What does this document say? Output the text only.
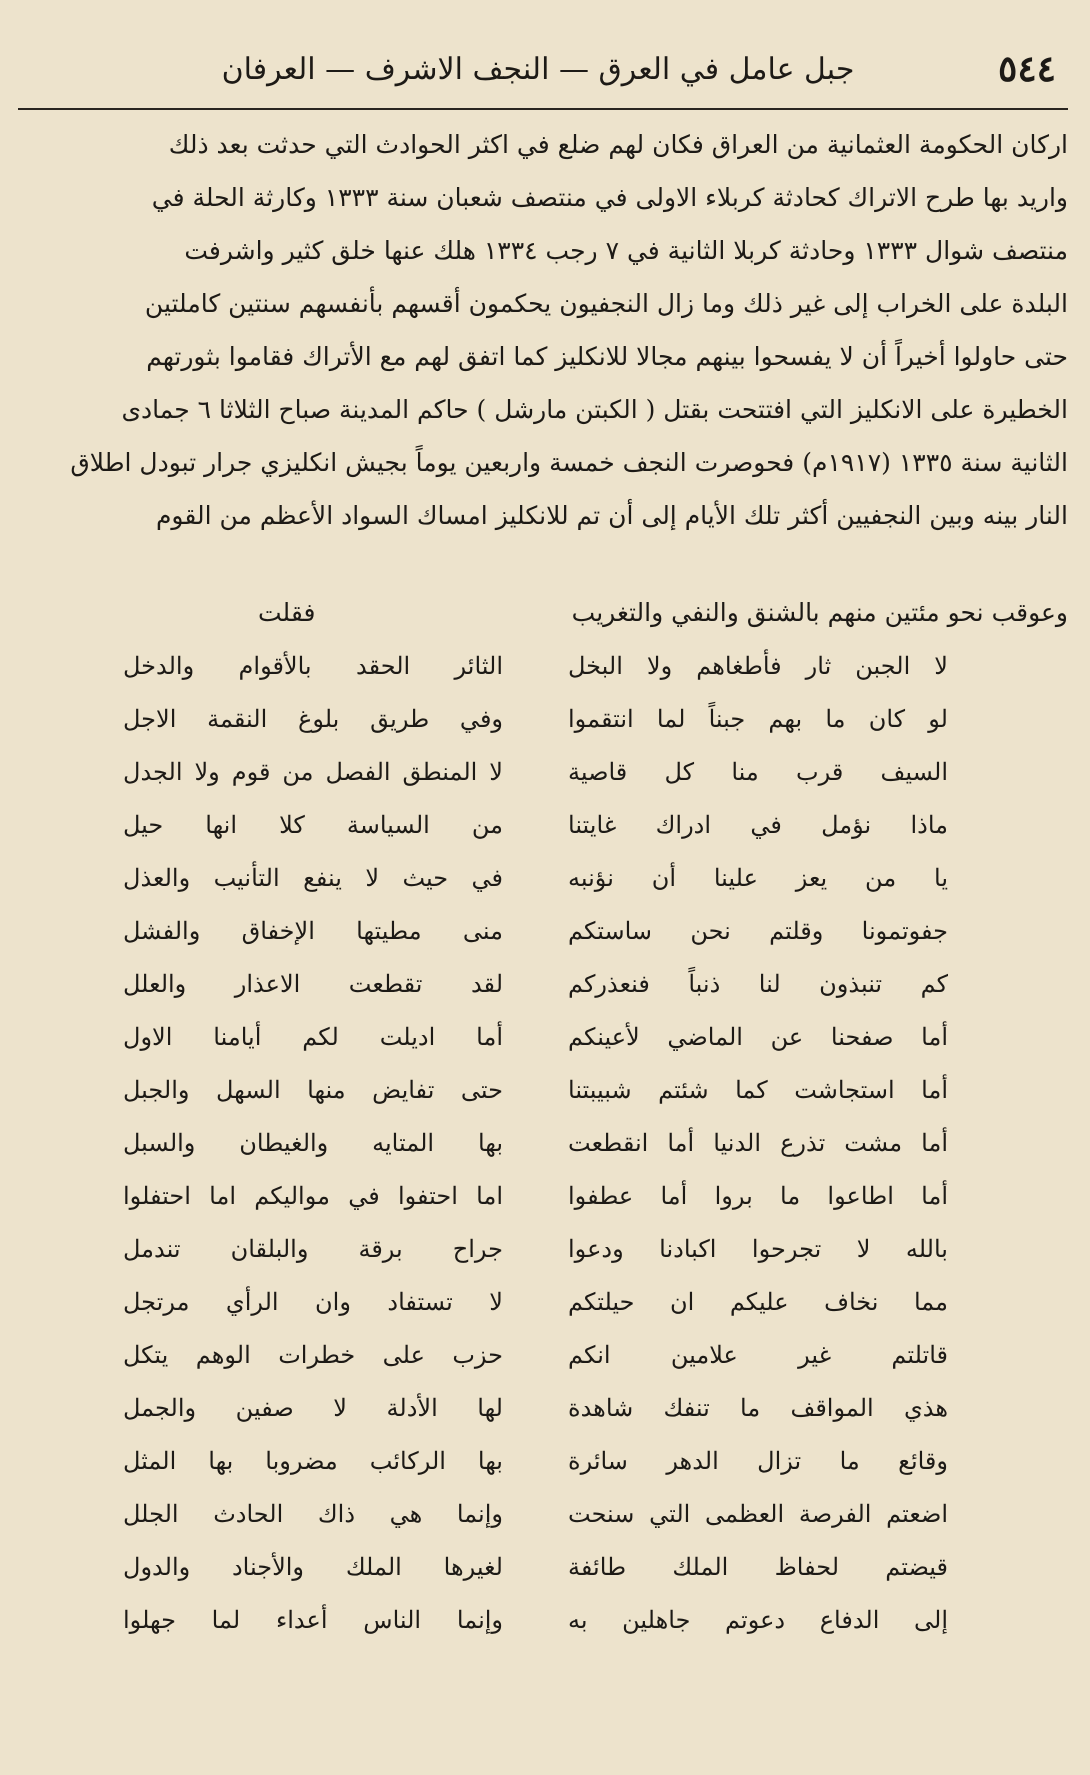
٥٤٤
جبل عامل في العرق — النجف الاشرف — العرفان
اركان الحكومة العثمانية من العراق فكان لهم ضلع في اكثر الحوادث التي حدثت بعد ذلك
واريد بها طرح الاتراك كحادثة كربلاء الاولى في منتصف شعبان سنة ١٣٣٣ وكارثة الحلة في
منتصف شوال ١٣٣٣ وحادثة كربلا الثانية في ٧ رجب ١٣٣٤ هلك عنها خلق كثير واشرفت
البلدة على الخراب إلى غير ذلك وما زال النجفيون يحكمون أقسهم بأنفسهم سنتين كاملتين
حتى حاولوا أخيراً أن لا يفسحوا بينهم مجالا للانكليز كما اتفق لهم مع الأتراك فقاموا بثورتهم
الخطيرة على الانكليز التي افتتحت بقتل ( الكبتن مارشل ) حاكم المدينة صباح الثلاثا ٦ جمادى
الثانية سنة ١٣٣٥ (١٩١٧م) فحوصرت النجف خمسة واربعين يوماً بجيش انكليزي جرار تبودل اطلاق
النار بينه وبين النجفيين أكثر تلك الأيام إلى أن تم للانكليز امساك السواد الأعظم من القوم
وعوقب نحو مئتين منهم بالشنق والنفي والتغريب
فقلت
لا الجبن ثار فأطغاهم ولا البخل
الثائر الحقد بالأقوام والدخل
لو كان ما بهم جبناً لما انتقموا
وفي طريق بلوغ النقمة الاجل
السيف قرب منا كل قاصية
لا المنطق الفصل من قوم ولا الجدل
ماذا نؤمل في ادراك غايتنا
من السياسة كلا انها حيل
يا من يعز علينا أن نؤنبه
في حيث لا ينفع التأنيب والعذل
جفوتمونا وقلتم نحن ساستكم
منى مطيتها الإخفاق والفشل
كم تنبذون لنا ذنباً فنعذركم
لقد تقطعت الاعذار والعلل
أما صفحنا عن الماضي لأعينكم
أما اديلت لكم أيامنا الاول
أما استجاشت كما شئتم شبيبتنا
حتى تفايض منها السهل والجبل
أما مشت تذرع الدنيا أما انقطعت
بها المتايه والغيطان والسبل
أما اطاعوا ما بروا أما عطفوا
اما احتفوا في مواليكم اما احتفلوا
بالله لا تجرحوا اكبادنا ودعوا
جراح برقة والبلقان تندمل
مما نخاف عليكم ان حيلتكم
لا تستفاد وان الرأي مرتجل
قاتلتم غير علامين انكم
حزب على خطرات الوهم يتكل
هذي المواقف ما تنفك شاهدة
لها الأدلة لا صفين والجمل
وقائع ما تزال الدهر سائرة
بها الركائب مضروبا بها المثل
اضعتم الفرصة العظمى التي سنحت
وإنما هي ذاك الحادث الجلل
قيضتم لحفاظ الملك طائفة
لغيرها الملك والأجناد والدول
إلى الدفاع دعوتم جاهلين به
وإنما الناس أعداء لما جهلوا
